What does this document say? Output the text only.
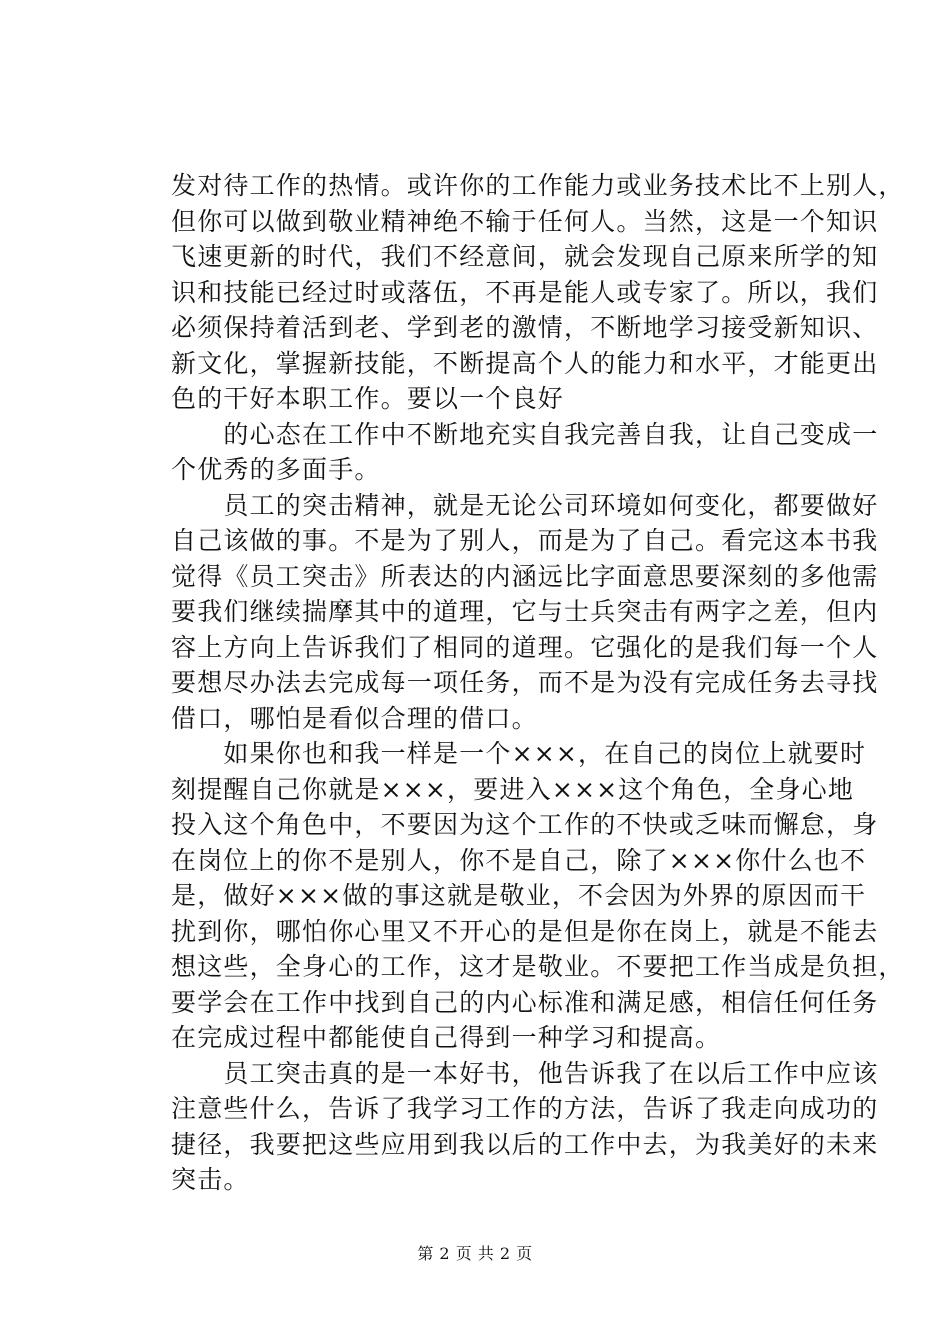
发对待工作的热情。或许你的工作能力或业务技术比不上别人，
但你可以做到敬业精神绝不输于任何人。当然，这是一个知识
飞速更新的时代，我们不经意间，就会发现自己原来所学的知
识和技能已经过时或落伍，不再是能人或专家了。所以，我们
必须保持着活到老、学到老的激情，不断地学习接受新知识、
新文化，掌握新技能，不断提高个人的能力和水平，才能更出
色的干好本职工作。要以一个良好
　　的心态在工作中不断地充实自我完善自我，让自己变成一
个优秀的多面手。
　　员工的突击精神，就是无论公司环境如何变化，都要做好
自己该做的事。不是为了别人，而是为了自己。看完这本书我
觉得《员工突击》所表达的内涵远比字面意思要深刻的多他需
要我们继续揣摩其中的道理，它与士兵突击有两字之差，但内
容上方向上告诉我们了相同的道理。它强化的是我们每一个人
要想尽办法去完成每一项任务，而不是为没有完成任务去寻找
借口，哪怕是看似合理的借口。
　　如果你也和我一样是一个×××，在自己的岗位上就要时
刻提醒自己你就是×××，要进入×××这个角色，全身心地
投入这个角色中，不要因为这个工作的不快或乏味而懈怠，身
在岗位上的你不是别人，你不是自己，除了×××你什么也不
是，做好×××做的事这就是敬业，不会因为外界的原因而干
扰到你，哪怕你心里又不开心的是但是你在岗上，就是不能去
想这些，全身心的工作，这才是敬业。不要把工作当成是负担，
要学会在工作中找到自己的内心标准和满足感，相信任何任务
在完成过程中都能使自己得到一种学习和提高。
　　员工突击真的是一本好书，他告诉我了在以后工作中应该
注意些什么，告诉了我学习工作的方法，告诉了我走向成功的
捷径，我要把这些应用到我以后的工作中去，为我美好的未来
突击。
第 2 页 共 2 页
